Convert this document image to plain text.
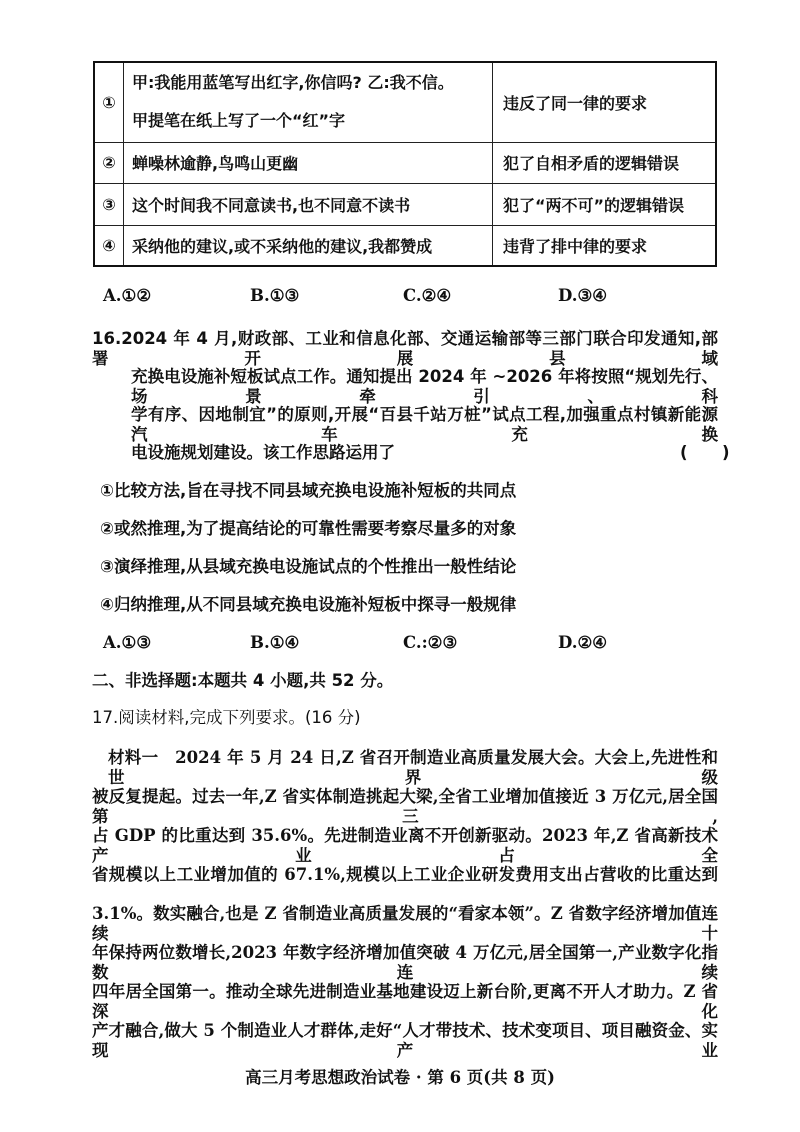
①	甲:我能用蓝笔写出红字,你信吗? 乙:我不信。
甲提笔在纸上写了一个“红”字	违反了同一律的要求
②	蝉噪林逾静,鸟鸣山更幽	犯了自相矛盾的逻辑错误
③	这个时间我不同意读书,也不同意不读书	犯了“两不可”的逻辑错误
④	采纳他的建议,或不采纳他的建议,我都赞成	违背了排中律的要求
A.①②	B.①③	C.②④	D.③④
16.2024 年 4 月,财政部、工业和信息化部、交通运输部等三部门联合印发通知,部署开展县域
充换电设施补短板试点工作。通知提出 2024 年 ~2026 年将按照“规划先行、场景牵引、科
学有序、因地制宜”的原则,开展“百县千站万桩”试点工程,加强重点村镇新能源汽车充换
电设施规划建设。该工作思路运用了	(      )
①比较方法,旨在寻找不同县域充换电设施补短板的共同点
②或然推理,为了提高结论的可靠性需要考察尽量多的对象
③演绎推理,从县域充换电设施试点的个性推出一般性结论
④归纳推理,从不同县域充换电设施补短板中探寻一般规律
A.①③	B.①④	C.:②③	D.②④
二、非选择题:本题共 4 小题,共 52 分。
17.阅读材料,完成下列要求。(16 分)
材料一　2024 年 5 月 24 日,Z 省召开制造业高质量发展大会。大会上,先进性和世界级
被反复提起。过去一年,Z 省实体制造挑起大梁,全省工业增加值接近 3 万亿元,居全国第三,
占 GDP 的比重达到 35.6%。先进制造业离不开创新驱动。2023 年,Z 省高新技术产业占全
省规模以上工业增加值的 67.1%,规模以上工业企业研发费用支出占营收的比重达到
3.1%。数实融合,也是 Z 省制造业高质量发展的“看家本领”。Z 省数字经济增加值连续十
年保持两位数增长,2023 年数字经济增加值突破 4 万亿元,居全国第一,产业数字化指数连续
四年居全国第一。推动全球先进制造业基地建设迈上新台阶,更离不开人才助力。Z 省深化
产才融合,做大 5 个制造业人才群体,走好“人才带技术、技术变项目、项目融资金、实现产业
高三月考思想政治试卷 · 第 6 页(共 8 页)
